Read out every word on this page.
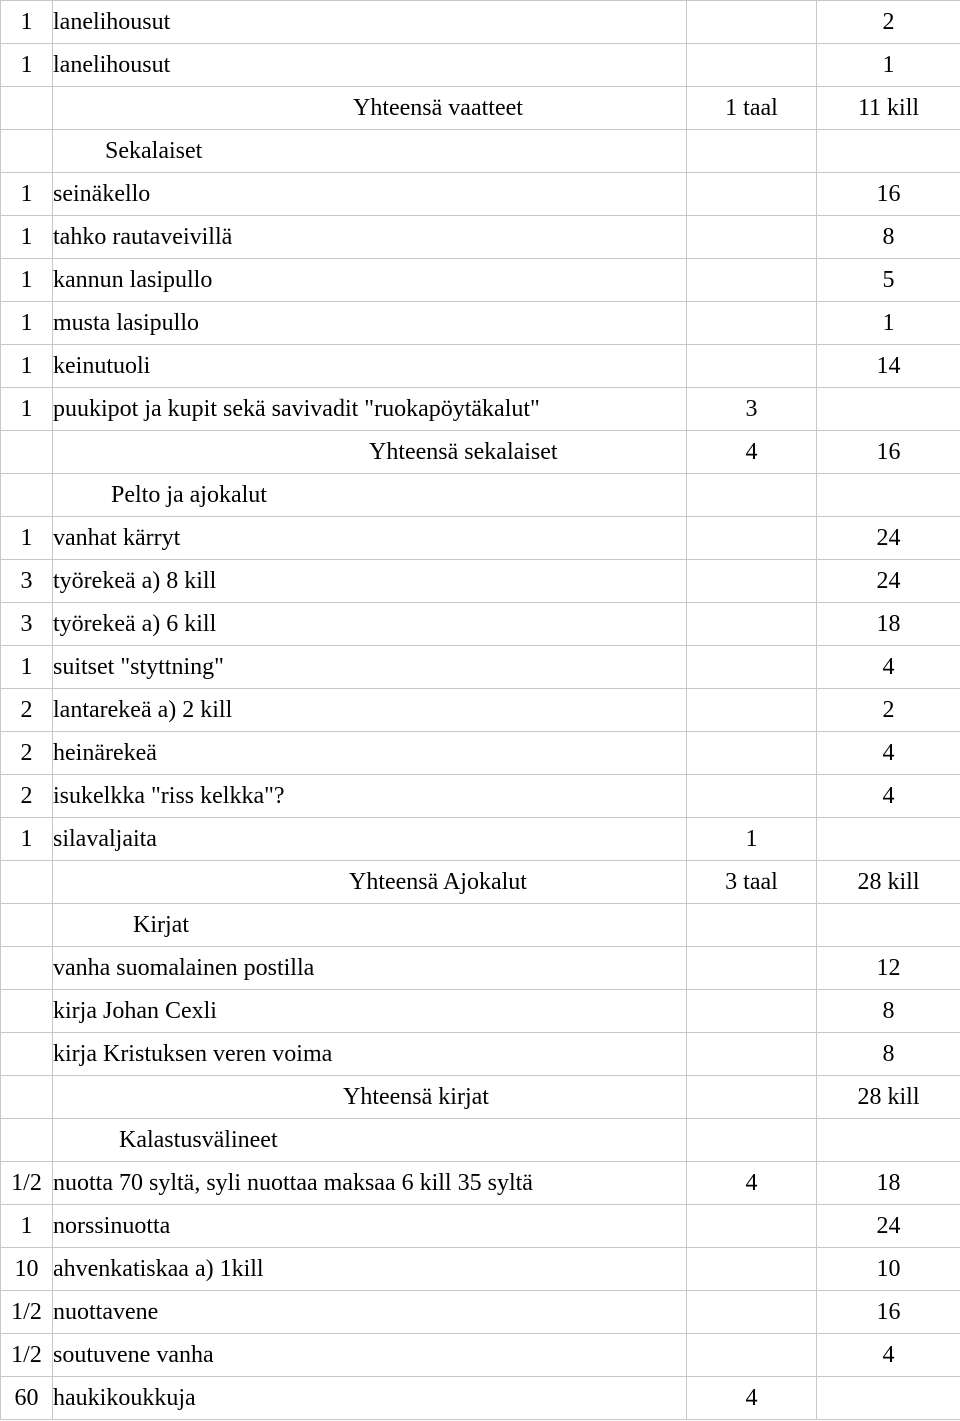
1	lanelihousut		2
1	lanelihousut		1
	Yhteensä vaatteet	1 taal	11 kill
	Sekalaiset		
1	seinäkello		16
1	tahko rautaveivillä		8
1	kannun lasipullo		5
1	musta lasipullo		1
1	keinutuoli		14
1	puukipot ja kupit sekä savivadit "ruokapöytäkalut"	3	
	Yhteensä sekalaiset	4	16
	Pelto ja ajokalut		
1	vanhat kärryt		24
3	työrekeä a) 8 kill		24
3	työrekeä a) 6 kill		18
1	suitset "styttning"		4
2	lantarekeä a) 2 kill		2
2	heinärekeä		4
2	isukelkka "riss kelkka"?		4
1	silavaljaita	1	
	Yhteensä Ajokalut	3 taal	28 kill
	Kirjat		
	vanha suomalainen postilla		12
	kirja Johan Cexli		8
	kirja Kristuksen veren voima		8
	Yhteensä kirjat		28 kill
	Kalastusvälineet		
1/2	nuotta 70 syltä, syli nuottaa maksaa 6 kill 35 syltä	4	18
1	norssinuotta		24
10	ahvenkatiskaa a) 1kill		10
1/2	nuottavene		16
1/2	soutuvene vanha		4
60	haukikoukkuja	4	
